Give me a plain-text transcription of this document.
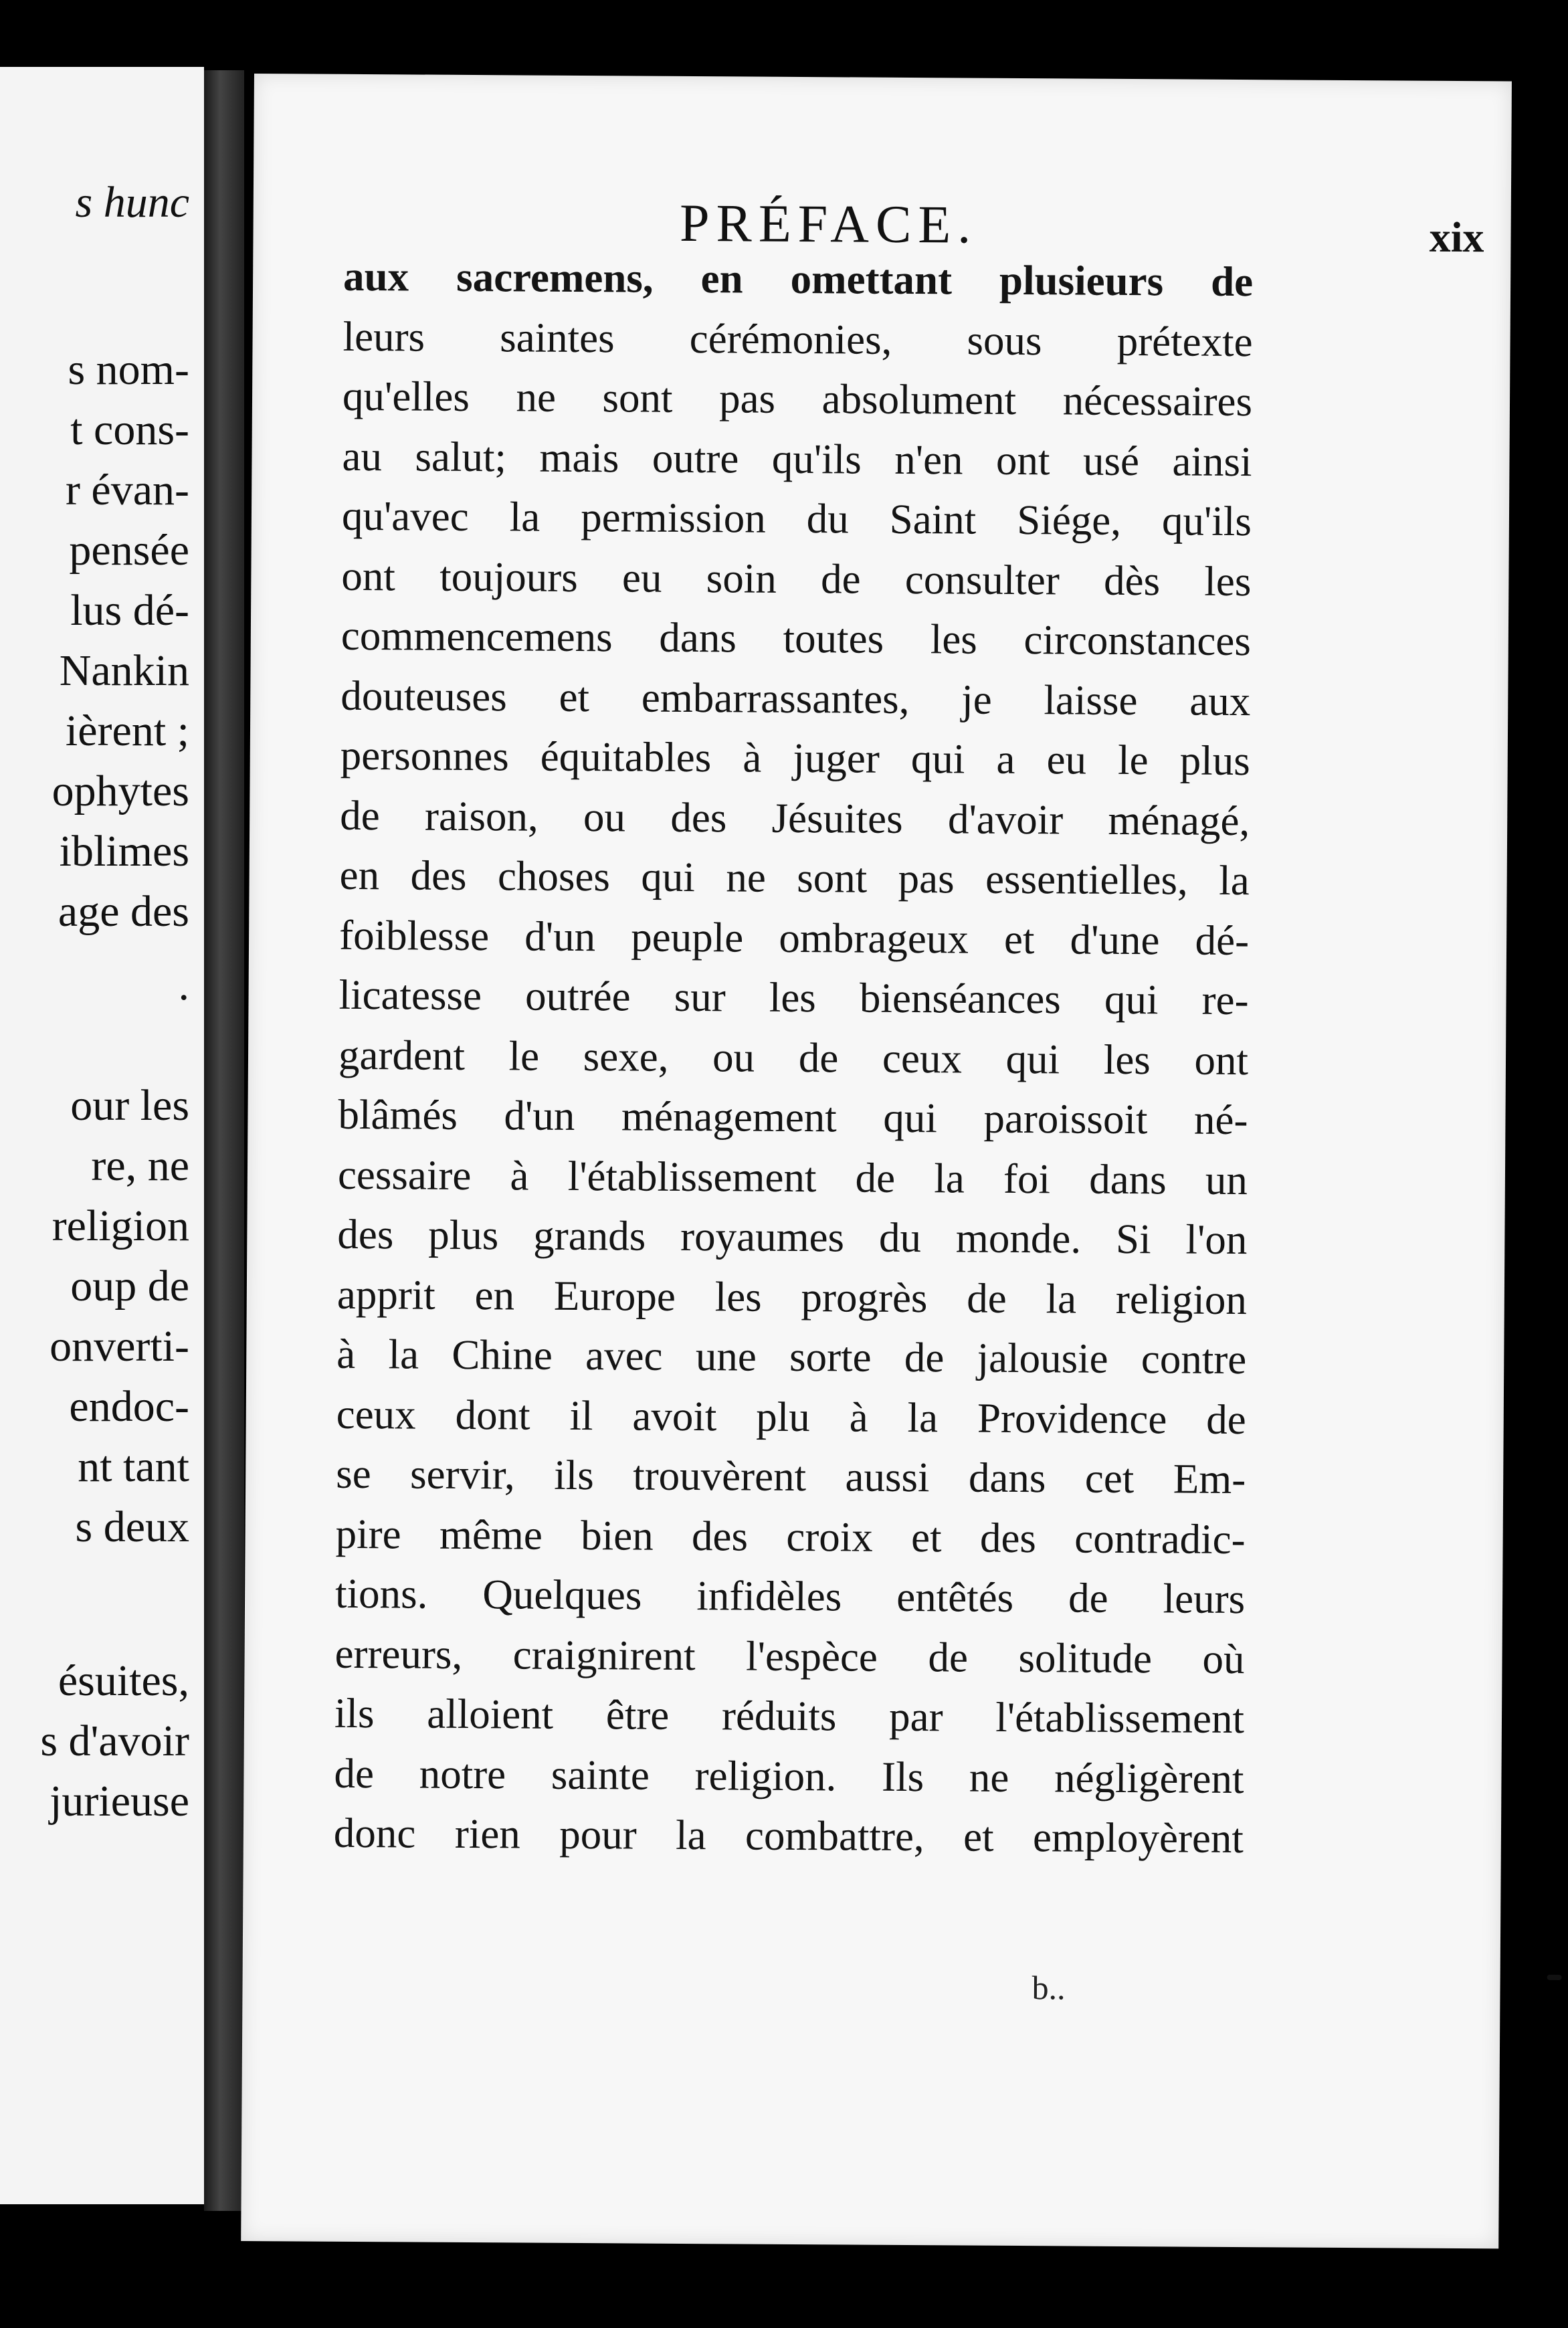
s hunc
s nom-
t cons-
r évan-
pensée
lus dé-
Nankin
ièrent ;
ophytes
iblimes
age des
.
our les
re, ne
religion
oup de
onverti-
endoc-
nt tant
s deux
ésuites,
s d'avoir
jurieuse
PRÉFACE.	xix
aux sacremens, en omettant plusieurs de
leurs saintes cérémonies, sous prétexte
qu'elles ne sont pas absolument nécessaires
au salut; mais outre qu'ils n'en ont usé ainsi
qu'avec la permission du Saint Siége, qu'ils
ont toujours eu soin de consulter dès les
commencemens dans toutes les circonstances
douteuses et embarrassantes, je laisse aux
personnes équitables à juger qui a eu le plus
de raison, ou des Jésuites d'avoir ménagé,
en des choses qui ne sont pas essentielles, la
foiblesse d'un peuple ombrageux et d'une dé-
licatesse outrée sur les bienséances qui re-
gardent le sexe, ou de ceux qui les ont
blâmés d'un ménagement qui paroissoit né-
cessaire à l'établissement de la foi dans un
des plus grands royaumes du monde. Si l'on
apprit en Europe les progrès de la religion
à la Chine avec une sorte de jalousie contre
ceux dont il avoit plu à la Providence de
se servir, ils trouvèrent aussi dans cet Em-
pire même bien des croix et des contradic-
tions. Quelques infidèles entêtés de leurs
erreurs, craignirent l'espèce de solitude où
ils alloient être réduits par l'établissement
de notre sainte religion. Ils ne négligèrent
donc rien pour la combattre, et employèrent
b..
